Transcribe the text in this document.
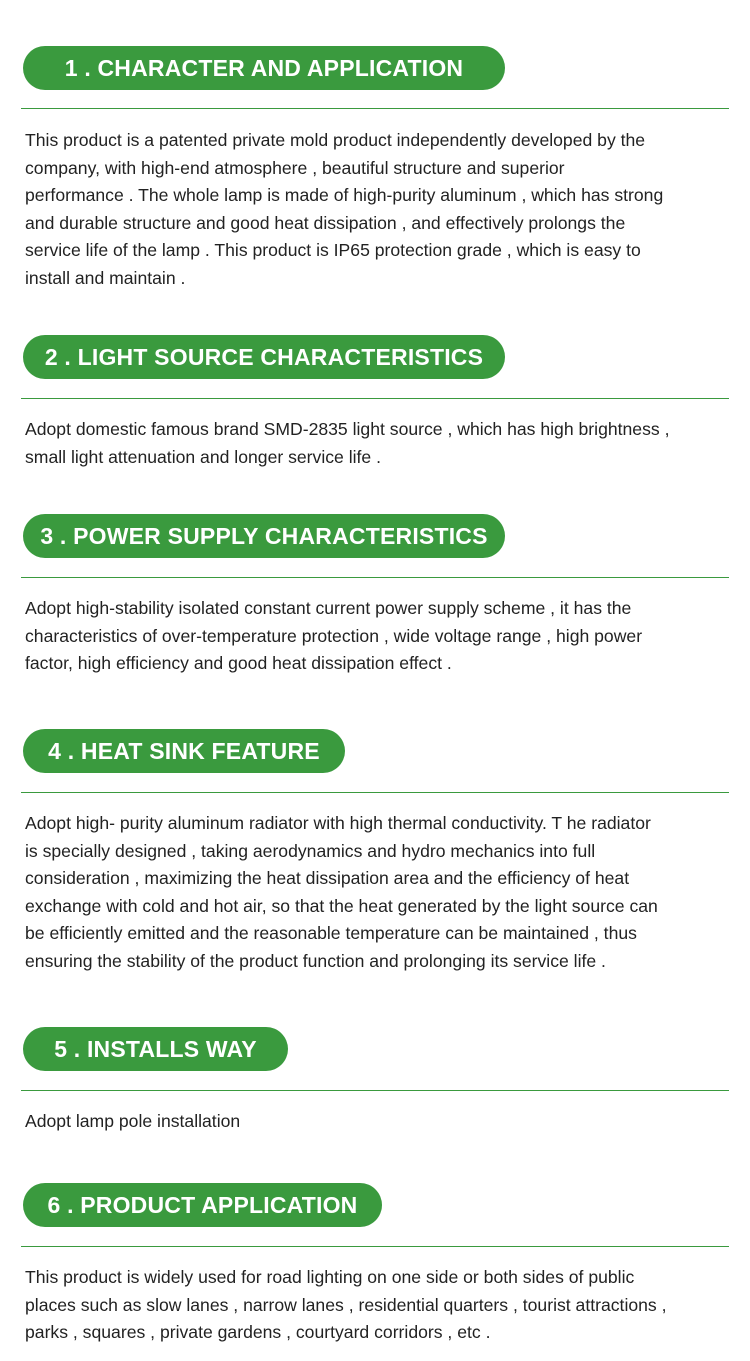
1 . CHARACTER AND APPLICATION

This product is a patented private mold product independently developed by the
company, with high-end atmosphere , beautiful structure and superior
performance . The whole lamp is made of high-purity aluminum , which has strong
and durable structure and good heat dissipation , and effectively prolongs the
service life of the lamp . This product is IP65 protection grade , which is easy to
install and maintain .

2 . LIGHT SOURCE CHARACTERISTICS

Adopt domestic famous brand SMD-2835 light source , which has high brightness ,
small light attenuation and longer service life .

3 . POWER SUPPLY CHARACTERISTICS

Adopt high-stability isolated constant current power supply scheme , it has the
characteristics of over-temperature protection , wide voltage range , high power
factor, high efficiency and good heat dissipation effect .

4 . HEAT SINK FEATURE

Adopt high- purity aluminum radiator with high thermal conductivity. T he radiator
is specially designed , taking aerodynamics and hydro mechanics into full
consideration , maximizing the heat dissipation area and the efficiency of heat
exchange with cold and hot air, so that the heat generated by the light source can
be efficiently emitted and the reasonable temperature can be maintained , thus
ensuring the stability of the product function and prolonging its service life .

5 . INSTALLS WAY

Adopt lamp pole installation

6 . PRODUCT APPLICATION

This product is widely used for road lighting on one side or both sides of public
places such as slow lanes , narrow lanes , residential quarters , tourist attractions ,
parks , squares , private gardens , courtyard corridors , etc .
